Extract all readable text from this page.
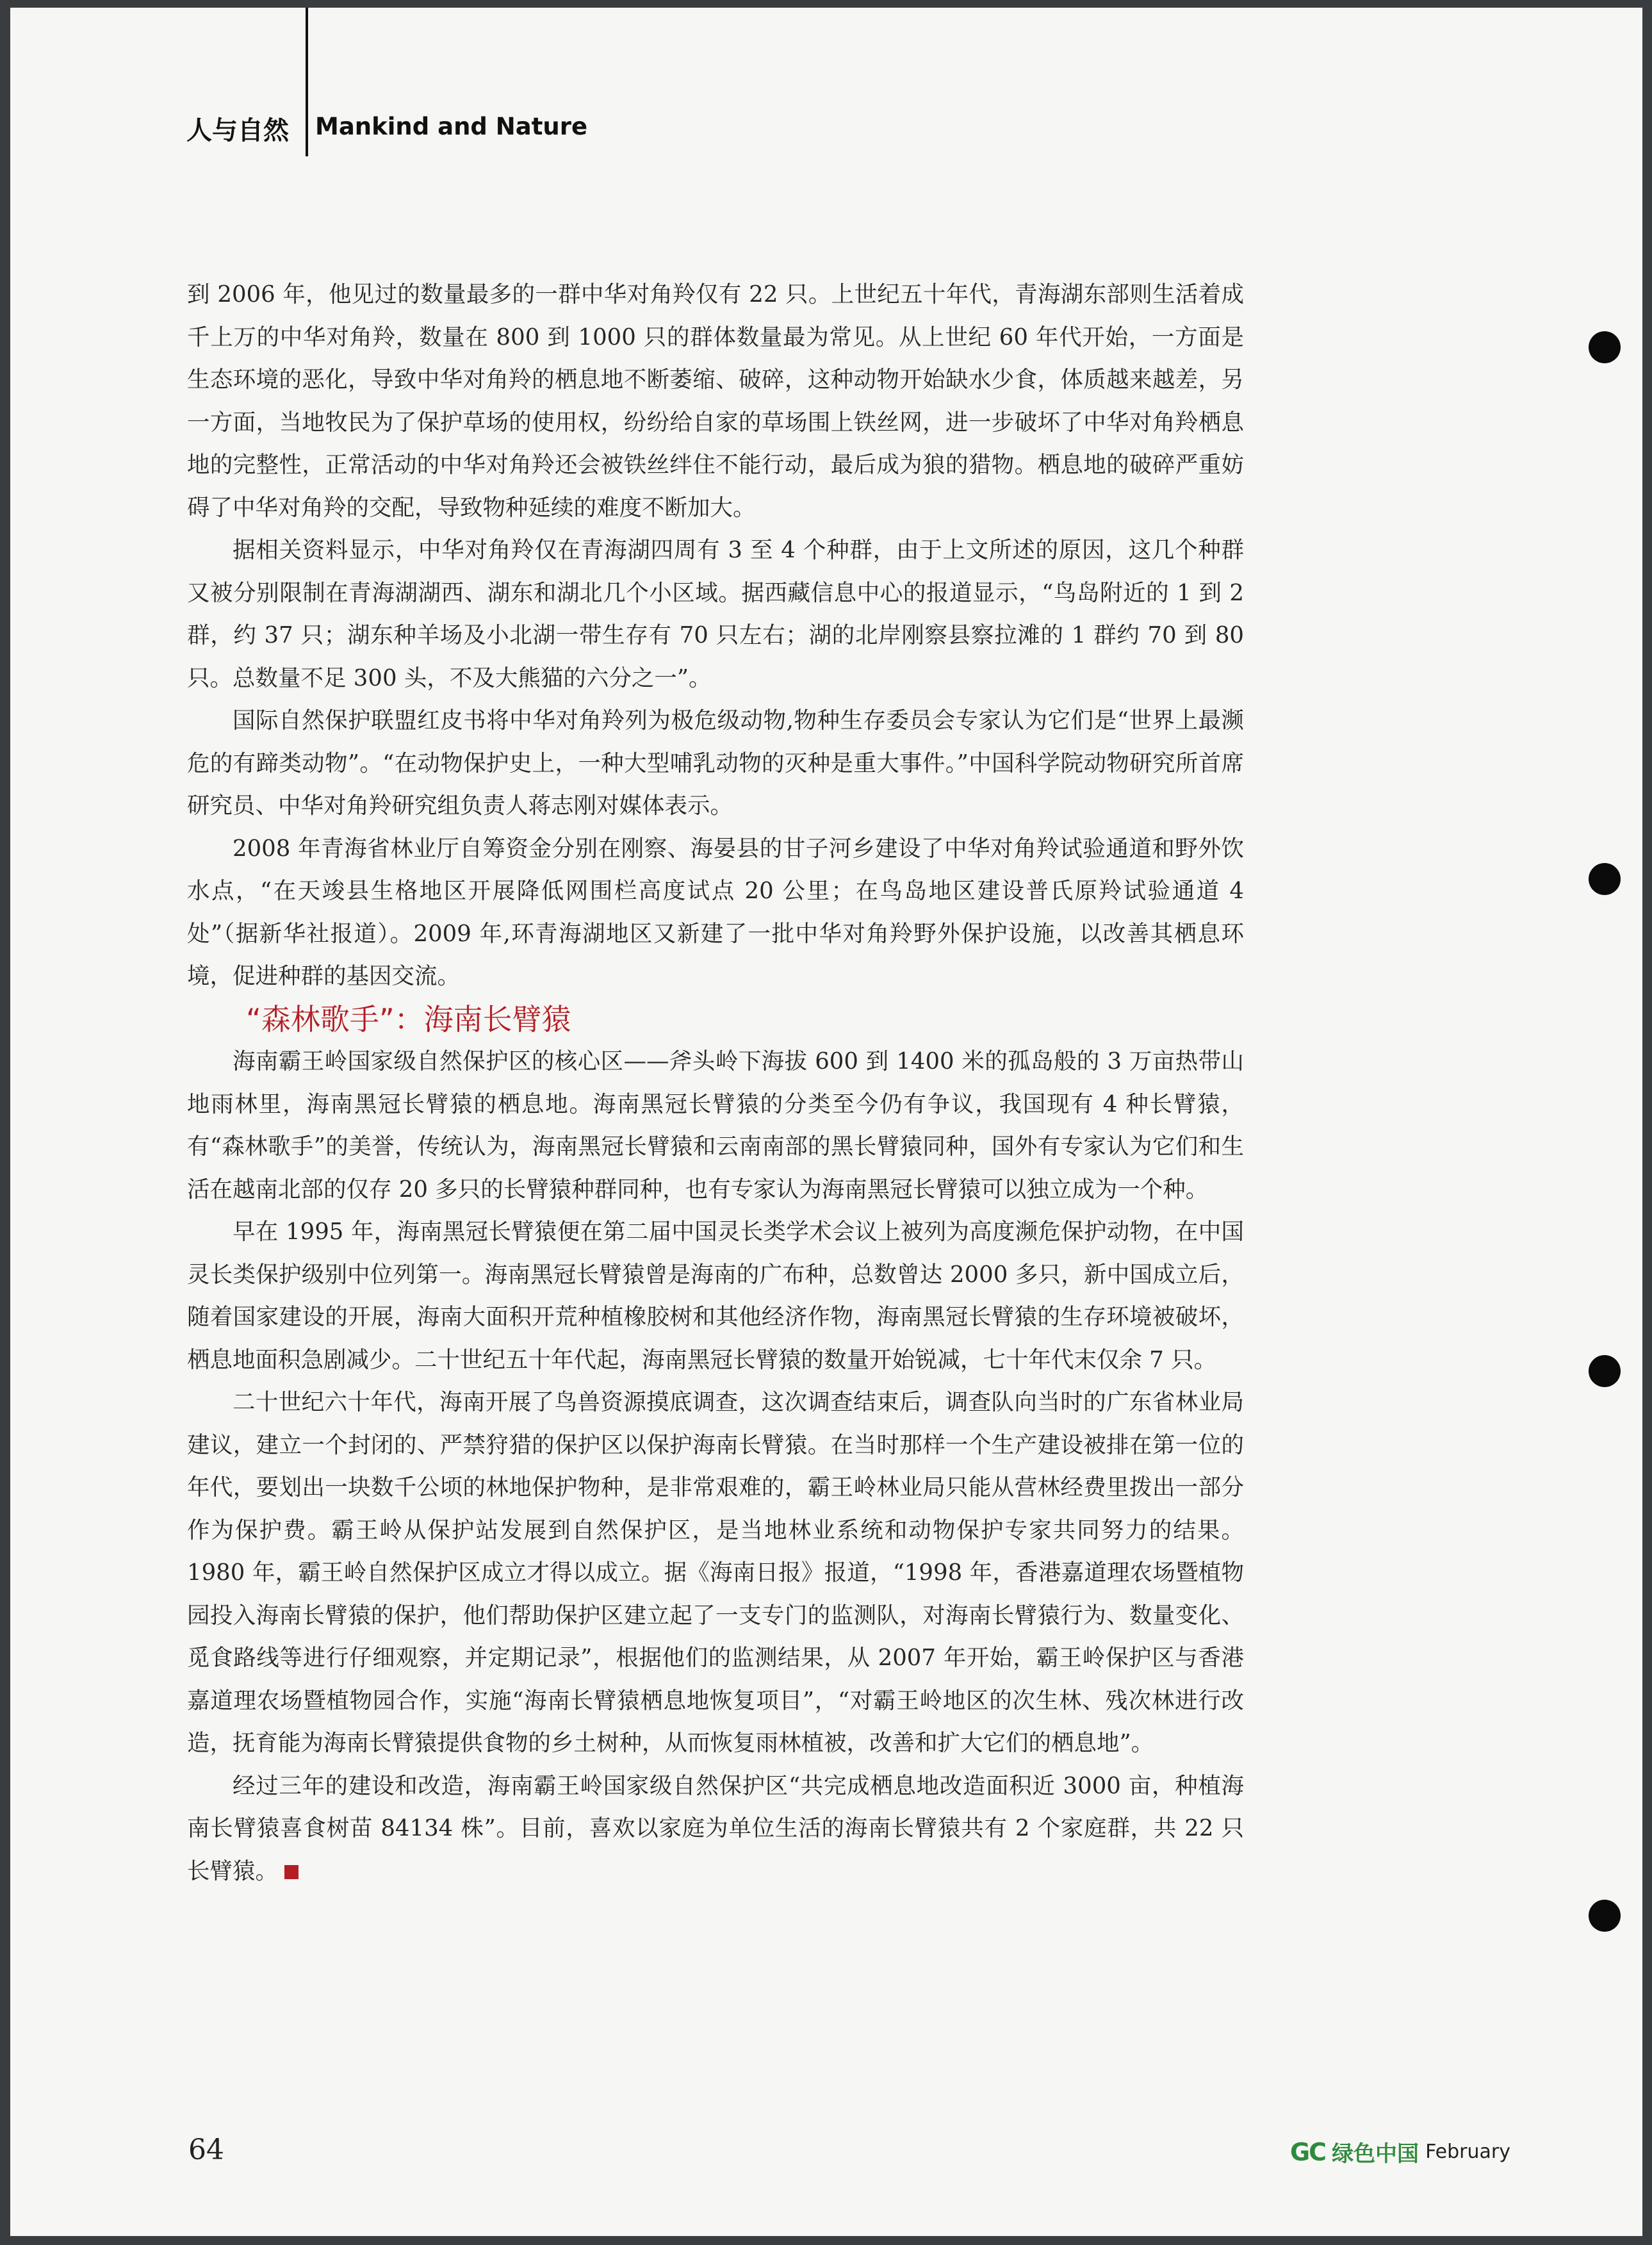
人与自然 Mankind and Nature

到 2006 年，他见过的数量最多的一群中华对角羚仅有 22 只。上世纪五十年代，青海湖东部则生活着成千上万的中华对角羚，数量在 800 到 1000 只的群体数量最为常见。从上世纪 60 年代开始，一方面是生态环境的恶化，导致中华对角羚的栖息地不断萎缩、破碎，这种动物开始缺水少食，体质越来越差，另一方面，当地牧民为了保护草场的使用权，纷纷给自家的草场围上铁丝网，进一步破坏了中华对角羚栖息地的完整性，正常活动的中华对角羚还会被铁丝绊住不能行动，最后成为狼的猎物。栖息地的破碎严重妨碍了中华对角羚的交配，导致物种延续的难度不断加大。

据相关资料显示，中华对角羚仅在青海湖四周有 3 至 4 个种群，由于上文所述的原因，这几个种群又被分别限制在青海湖湖西、湖东和湖北几个小区域。据西藏信息中心的报道显示，“鸟岛附近的 1 到 2 群，约 37 只；湖东种羊场及小北湖一带生存有 70 只左右；湖的北岸刚察县察拉滩的 1 群约 70 到 80 只。总数量不足 300 头，不及大熊猫的六分之一”。

国际自然保护联盟红皮书将中华对角羚列为极危级动物,物种生存委员会专家认为它们是“世界上最濒危的有蹄类动物”。“在动物保护史上，一种大型哺乳动物的灭种是重大事件。”中国科学院动物研究所首席研究员、中华对角羚研究组负责人蒋志刚对媒体表示。

2008 年青海省林业厅自筹资金分别在刚察、海晏县的甘子河乡建设了中华对角羚试验通道和野外饮水点，“在天竣县生格地区开展降低网围栏高度试点 20 公里；在鸟岛地区建设普氏原羚试验通道 4 处”（据新华社报道）。2009 年,环青海湖地区又新建了一批中华对角羚野外保护设施，以改善其栖息环境，促进种群的基因交流。

“森林歌手”：海南长臂猿

海南霸王岭国家级自然保护区的核心区——斧头岭下海拔 600 到 1400 米的孤岛般的 3 万亩热带山地雨林里，海南黑冠长臂猿的栖息地。海南黑冠长臂猿的分类至今仍有争议，我国现有 4 种长臂猿，有“森林歌手”的美誉，传统认为，海南黑冠长臂猿和云南南部的黑长臂猿同种，国外有专家认为它们和生活在越南北部的仅存 20 多只的长臂猿种群同种，也有专家认为海南黑冠长臂猿可以独立成为一个种。

早在 1995 年，海南黑冠长臂猿便在第二届中国灵长类学术会议上被列为高度濒危保护动物，在中国灵长类保护级别中位列第一。海南黑冠长臂猿曾是海南的广布种，总数曾达 2000 多只，新中国成立后，随着国家建设的开展，海南大面积开荒种植橡胶树和其他经济作物，海南黑冠长臂猿的生存环境被破坏，栖息地面积急剧减少。二十世纪五十年代起，海南黑冠长臂猿的数量开始锐减，七十年代末仅余 7 只。

二十世纪六十年代，海南开展了鸟兽资源摸底调查，这次调查结束后，调查队向当时的广东省林业局建议，建立一个封闭的、严禁狩猎的保护区以保护海南长臂猿。在当时那样一个生产建设被排在第一位的年代，要划出一块数千公顷的林地保护物种，是非常艰难的，霸王岭林业局只能从营林经费里拨出一部分作为保护费。霸王岭从保护站发展到自然保护区，是当地林业系统和动物保护专家共同努力的结果。1980 年，霸王岭自然保护区成立才得以成立。据《海南日报》报道，“1998 年，香港嘉道理农场暨植物园投入海南长臂猿的保护，他们帮助保护区建立起了一支专门的监测队，对海南长臂猿行为、数量变化、觅食路线等进行仔细观察，并定期记录”，根据他们的监测结果，从 2007 年开始，霸王岭保护区与香港嘉道理农场暨植物园合作，实施“海南长臂猿栖息地恢复项目”，“对霸王岭地区的次生林、残次林进行改造，抚育能为海南长臂猿提供食物的乡土树种，从而恢复雨林植被，改善和扩大它们的栖息地”。

经过三年的建设和改造，海南霸王岭国家级自然保护区“共完成栖息地改造面积近 3000 亩，种植海南长臂猿喜食树苗 84134 株”。目前，喜欢以家庭为单位生活的海南长臂猿共有 2 个家庭群，共 22 只长臂猿。

64	GC 绿色中国 February
